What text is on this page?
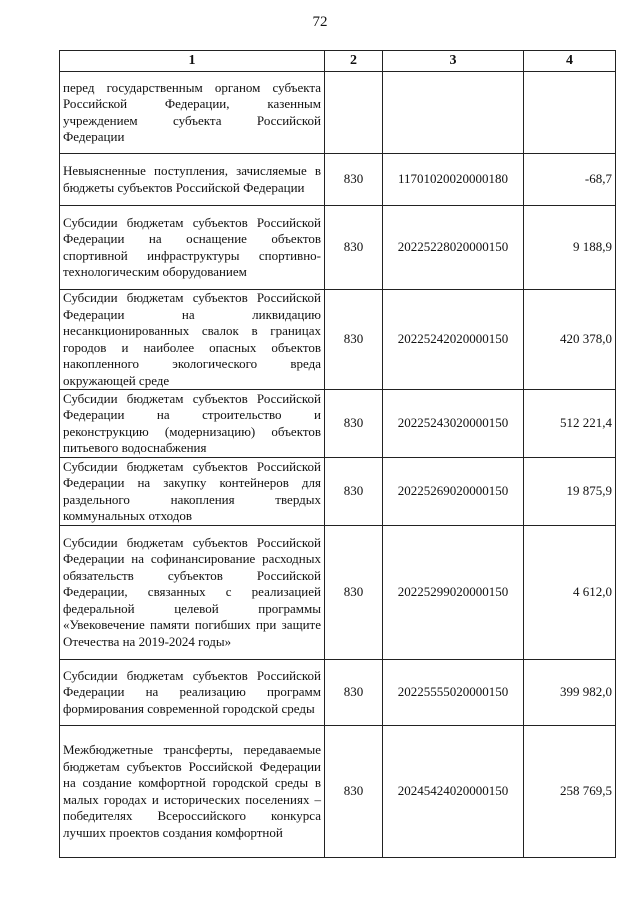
72
1	2	3	4
перед государственным органом субъекта Российской Федерации, казенным учреждением субъекта Российской Федерации			
Невыясненные поступления, зачисляемые в бюджеты субъектов Российской Федерации	830	11701020020000180	-68,7
Субсидии бюджетам субъектов Российской Федерации на оснащение объектов спортивной инфраструктуры спортивно-технологическим оборудованием	830	20225228020000150	9 188,9
Субсидии бюджетам субъектов Российской Федерации на ликвидацию несанкционированных свалок в границах городов и наиболее опасных объектов накопленного экологического вреда окружающей среде	830	20225242020000150	420 378,0
Субсидии бюджетам субъектов Российской Федерации на строительство и реконструкцию (модернизацию) объектов питьевого водоснабжения	830	20225243020000150	512 221,4
Субсидии бюджетам субъектов Российской Федерации на закупку контейнеров для раздельного накопления твердых коммунальных отходов	830	20225269020000150	19 875,9
Субсидии бюджетам субъектов Российской Федерации на софинансирование расходных обязательств субъектов Российской Федерации, связанных с реализацией федеральной целевой программы «Увековечение памяти погибших при защите Отечества на 2019-2024 годы»	830	20225299020000150	4 612,0
Субсидии бюджетам субъектов Российской Федерации на реализацию программ формирования современной городской среды	830	20225555020000150	399 982,0
Межбюджетные трансферты, передаваемые бюджетам субъектов Российской Федерации на создание комфортной городской среды в малых городах и исторических поселениях – победителях Всероссийского конкурса лучших проектов создания комфортной	830	20245424020000150	258 769,5
